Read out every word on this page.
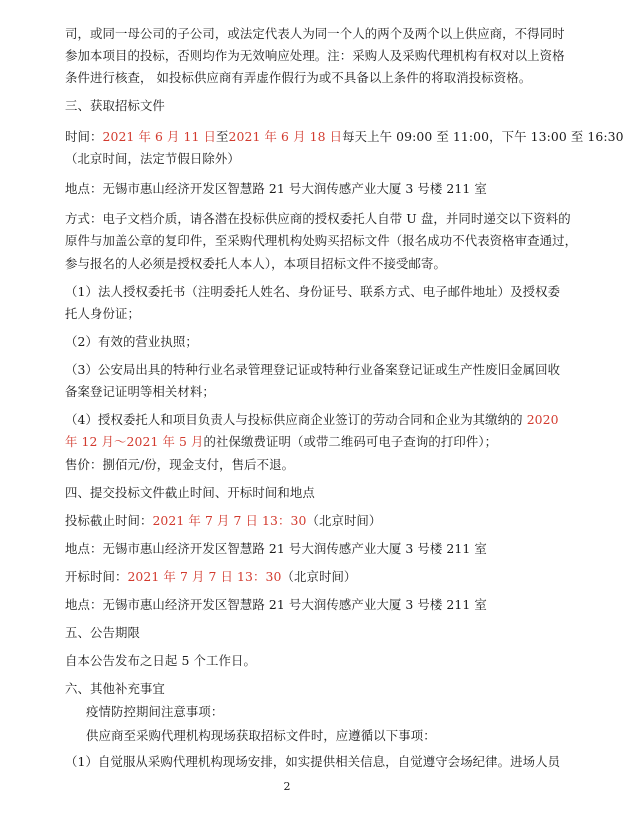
司，或同一母公司的子公司，或法定代表人为同一个人的两个及两个以上供应商，不得同时
参加本项目的投标，否则均作为无效响应处理。注：采购人及采购代理机构有权对以上资格
条件进行核查， 如投标供应商有弄虚作假行为或不具备以上条件的将取消投标资格。
三、获取招标文件
时间：2021 年 6 月 11 日至2021 年 6 月 18 日每天上午 09:00 至 11:00，下午 13:00 至 16:30
（北京时间，法定节假日除外）
地点：无锡市惠山经济开发区智慧路 21 号大润传感产业大厦 3 号楼 211 室
方式：电子文档介质，请各潜在投标供应商的授权委托人自带 U 盘，并同时递交以下资料的
原件与加盖公章的复印件，至采购代理机构处购买招标文件（报名成功不代表资格审查通过，
参与报名的人必须是授权委托人本人），本项目招标文件不接受邮寄。
（1）法人授权委托书（注明委托人姓名、身份证号、联系方式、电子邮件地址）及授权委
托人身份证；
（2）有效的营业执照；
（3）公安局出具的特种行业名录管理登记证或特种行业备案登记证或生产性废旧金属回收
备案登记证明等相关材料；
（4）授权委托人和项目负责人与投标供应商企业签订的劳动合同和企业为其缴纳的 2020
年 12 月～2021 年 5 月的社保缴费证明（或带二维码可电子查询的打印件）；
售价：捌佰元/份，现金支付，售后不退。
四、提交投标文件截止时间、开标时间和地点
投标截止时间：2021 年 7 月 7 日 13：30（北京时间）
地点：无锡市惠山经济开发区智慧路 21 号大润传感产业大厦 3 号楼 211 室
开标时间：2021 年 7 月 7 日 13：30（北京时间）
地点：无锡市惠山经济开发区智慧路 21 号大润传感产业大厦 3 号楼 211 室
五、公告期限
自本公告发布之日起 5 个工作日。
六、其他补充事宜
疫情防控期间注意事项：
供应商至采购代理机构现场获取招标文件时，应遵循以下事项：
（1）自觉服从采购代理机构现场安排，如实提供相关信息，自觉遵守会场纪律。进场人员
2
